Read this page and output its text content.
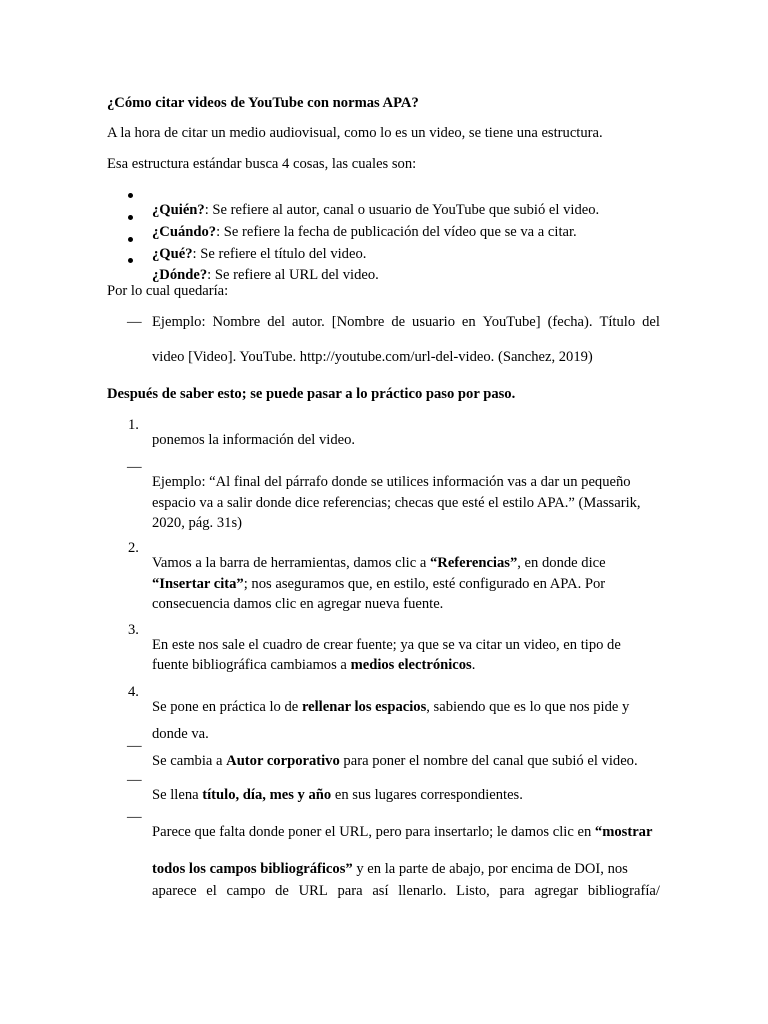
¿Cómo citar videos de YouTube con normas APA?

A la hora de citar un medio audiovisual, como lo es un video, se tiene una estructura.

Esa estructura estándar busca 4 cosas, las cuales son:

¿Quién?: Se refiere al autor, canal o usuario de YouTube que subió el video.

¿Cuándo?: Se refiere la fecha de publicación del vídeo que se va a citar.

¿Qué?: Se refiere el título del video.

¿Dónde?: Se refiere al URL del video.

Por lo cual quedaría:

— Ejemplo: Nombre del autor. [Nombre de usuario en YouTube] (fecha). Título del

video [Video]. YouTube. http://youtube.com/url-del-video. (Sanchez, 2019)

Después de saber esto; se puede pasar a lo práctico paso por paso.

1.

ponemos la información del video.

—

Ejemplo: “Al final del párrafo donde se utilices información vas a dar un pequeño

espacio va a salir donde dice referencias; checas que esté el estilo APA.” (Massarik,

2020, pág. 31s)

2.

Vamos a la barra de herramientas, damos clic a “Referencias”, en donde dice

“Insertar cita”; nos aseguramos que, en estilo, esté configurado en APA. Por

consecuencia damos clic en agregar nueva fuente.

3.

En este nos sale el cuadro de crear fuente; ya que se va citar un video, en tipo de

fuente bibliográfica cambiamos a medios electrónicos.

4.

Se pone en práctica lo de rellenar los espacios, sabiendo que es lo que nos pide y

donde va.

—

Se cambia a Autor corporativo para poner el nombre del canal que subió el video.

—

Se llena título, día, mes y año en sus lugares correspondientes.

—

Parece que falta donde poner el URL, pero para insertarlo; le damos clic en “mostrar

todos los campos bibliográficos” y en la parte de abajo, por encima de DOI, nos

aparece el campo de URL para así llenarlo. Listo, para agregar bibliografía/
